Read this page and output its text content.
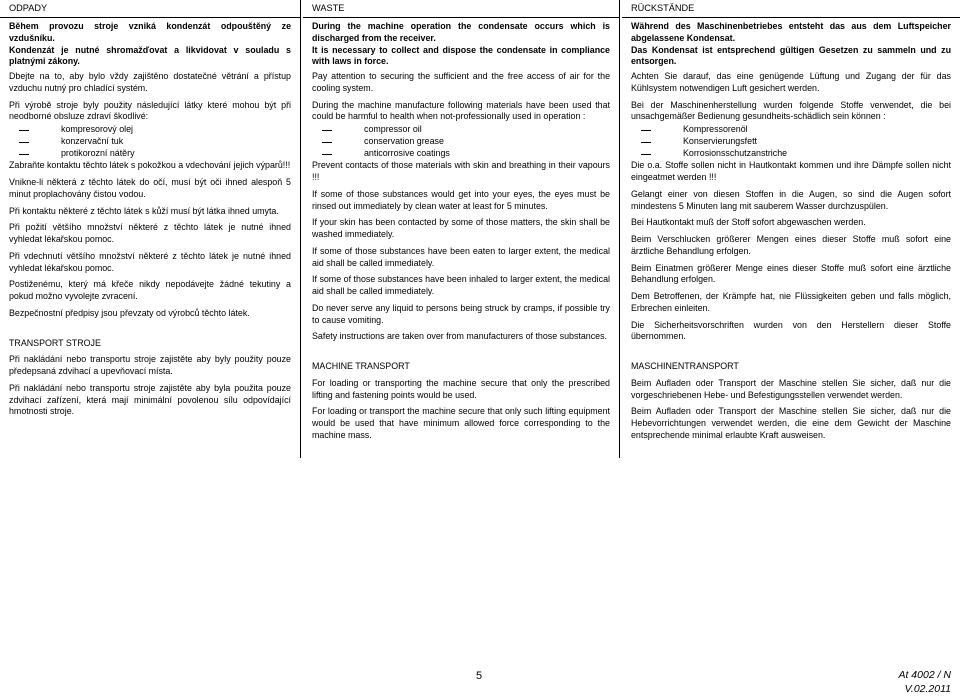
ODPADY

Během provozu stroje vzniká kondenzát odpouštěný ze vzdušníku.
Kondenzát je nutné shromažďovat a likvidovat v souladu s platnými zákony.

Dbejte na to, aby bylo vždy zajištěno dostatečné větrání a přístup vzduchu nutný pro chladící systém.

Při výrobě stroje byly použity následující látky které mohou být při neodborné obsluze zdraví škodlivé:

kompresorový olej
konzervační tuk
protikorozní nátěry

Zabraňte kontaktu těchto látek s pokožkou a vdechování jejich výparů!!!

Vnikne-li některá z těchto látek do očí, musí být oči ihned alespoň 5 minut proplachovány čistou vodou.

Při kontaktu některé z těchto látek s kůží musí být látka ihned umyta.

Při požití většího množství některé z těchto látek je nutné ihned vyhledat lékařskou pomoc.

Při vdechnutí většího množství některé z těchto látek je nutné ihned vyhledat lékařskou pomoc.

Postiženému, který má křeče nikdy nepodávejte žádné tekutiny a pokud možno vyvolejte zvracení.

Bezpečnostní předpisy jsou převzaty od výrobců těchto látek.

TRANSPORT STROJE

Při nakládání nebo transportu stroje zajistěte aby byly použity pouze předepsaná zdvihací a upevňovací místa.

Při nakládání nebo transportu stroje zajistěte aby byla použita pouze zdvihací zařízení, která mají minimální povolenou sílu odpovídající hmotnosti stroje.

WASTE

During the machine operation the condensate occurs which is discharged from the receiver.
It is necessary to collect and dispose the condensate in compliance with laws in force.

Pay attention to securing the sufficient and the free access of air for the cooling system.

During the machine manufacture following materials have been used that could be harmful to health when not-professionally used in operation :

compressor oil
conservation grease
anticorrosive coatings

Prevent contacts of those materials with skin and breathing in their vapours !!!

If some of those substances would get into your eyes, the eyes must be rinsed out immediately by clean water at least for 5 minutes.

If your skin has been contacted by some of those matters, the skin shall be washed immediately.

If some of those substances have been eaten to larger extent, the medical aid shall be called immediately.

If some of those substances have been inhaled to larger extent, the medical aid shall be called immediately.

Do never serve any liquid to persons being struck by cramps, if possible try to cause vomiting.

Safety instructions are taken over from manufacturers of those substances.

MACHINE TRANSPORT

For loading or transporting the machine secure that only the prescribed lifting and fastening points would be used.

For loading or transport the machine secure that only such lifting equipment would be used that have minimum allowed force corresponding to the machine mass.

RÜCKSTÄNDE

Während des Maschinenbetriebes entsteht das aus dem Luftspeicher abgelassene Kondensat.
Das Kondensat ist entsprechend gültigen Gesetzen zu sammeln und zu entsorgen.

Achten Sie darauf, das eine genügende Lüftung und Zugang der für das Kühlsystem notwendigen Luft gesichert werden.

Bei der Maschinenherstellung wurden folgende Stoffe verwendet, die bei unsachgemäßer Bedienung gesundheits-schädlich sein können :

Kompressorenöl
Konservierungsfett
Korrosionsschutzanstriche

Die o.a. Stoffe sollen nicht in Hautkontakt kommen und ihre Dämpfe sollen nicht eingeatmet werden !!!

Gelangt einer von diesen Stoffen in die Augen, so sind die Augen sofort mindestens 5 Minuten lang mit sauberem Wasser durchzuspülen.

Bei Hautkontakt muß der Stoff sofort abgewaschen werden.

Beim Verschlucken größerer Mengen eines dieser Stoffe muß sofort eine ärztliche Behandlung erfolgen.

Beim Einatmen größerer Menge eines dieser Stoffe muß sofort eine ärztliche Behandlung erfolgen.

Dem Betroffenen, der Krämpfe hat, nie Flüssigkeiten geben und falls möglich, Erbrechen einleiten.

Die Sicherheitsvorschriften wurden von den Herstellern dieser Stoffe übernommen.

MASCHINENTRANSPORT

Beim Aufladen oder Transport der Maschine stellen Sie sicher, daß nur die vorgeschriebenen Hebe- und Befestigungsstellen verwendet werden.

Beim Aufladen oder Transport der Maschine stellen Sie sicher, daß nur die Hebevorrichtungen verwendet werden, die eine dem Gewicht der Maschine entsprechende minimal erlaubte Kraft ausweisen.

5	At 4002 / N
V.02.2011
